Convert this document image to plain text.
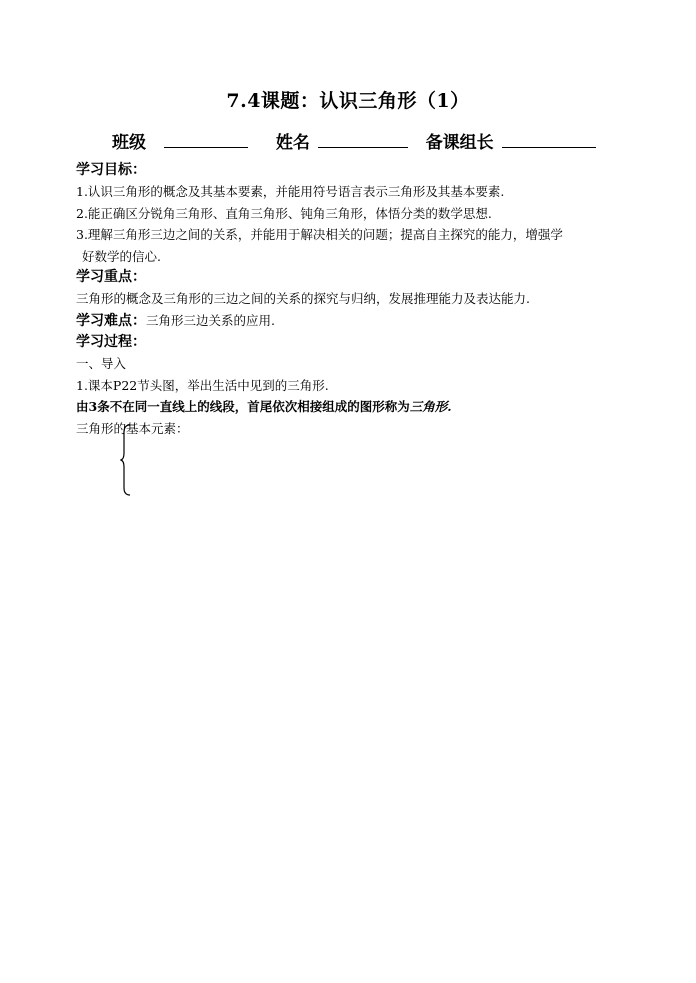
7.4课题：认识三角形（1）
班级	姓名	备课组长
学习目标：
1.认识三角形的概念及其基本要素，并能用符号语言表示三角形及其基本要素.
2.能正确区分锐角三角形、直角三角形、钝角三角形，体悟分类的数学思想.
3.理解三角形三边之间的关系，并能用于解决相关的问题；提高自主探究的能力，增强学
好数学的信心.
学习重点：
三角形的概念及三角形的三边之间的关系的探究与归纳，发展推理能力及表达能力.
学习难点：三角形三边关系的应用.
学习过程：
一、导入
1.课本P22节头图，举出生活中见到的三角形.
由3条不在同一直线上的线段，首尾依次相接组成的图形称为三角形.
三角形的基本元素：
